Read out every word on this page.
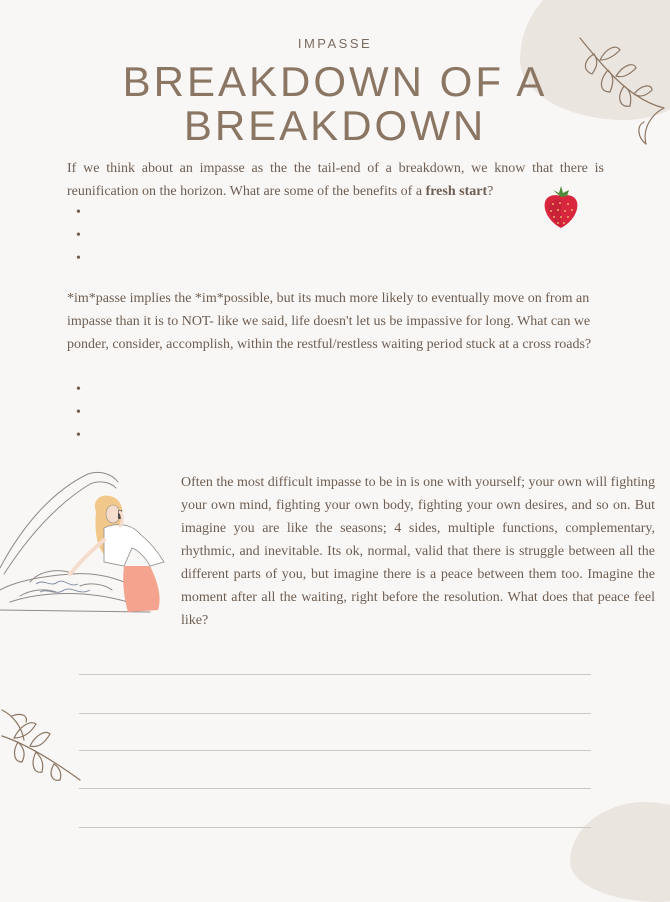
IMPASSE
BREAKDOWN OF A
BREAKDOWN
If we think about an impasse as the the tail-end of a breakdown, we know that there is reunification on the horizon. What are some of the benefits of a fresh start?
•
•
•
*im*passe implies the *im*possible, but its much more likely to eventually move on from an impasse than it is to NOT- like we said, life doesn't let us be impassive for long. What can we ponder, consider, accomplish, within the restful/restless waiting period stuck at a cross roads?
•
•
•
Often the most difficult impasse to be in is one with yourself; your own will fighting your own mind, fighting your own body, fighting your own desires, and so on. But imagine you are like the seasons; 4 sides, multiple functions, complementary, rhythmic, and inevitable. Its ok, normal, valid that there is struggle between all the different parts of you, but imagine there is a peace between them too. Imagine the moment after all the waiting, right before the resolution. What does that peace feel like?
